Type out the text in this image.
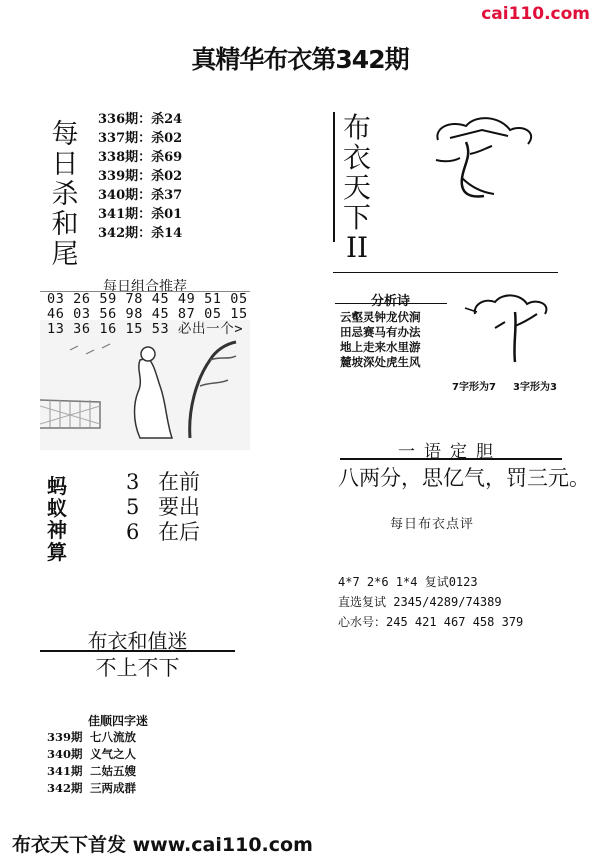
cai110.com
真精华布衣第342期
每日杀和尾
336期：杀24
337期：杀02
338期：杀69
339期：杀02
340期：杀37
341期：杀01
342期：杀14
布衣天下
II
每日组合推荐
03 26 59 78 45 49 51 05
46 03 56 98 45 87 05 15
13 36 16 15 53 必出一个>
分析诗
云壑灵钟龙伏涧
田忌赛马有办法
地上走来水里游
麓坡深处虎生风
7字形为7 3字形为3
蚂蚁神算
3 在前
5 要出
6 在后
一语定胆
八两分，思亿气，罚三元。
每日布衣点评
4*7 2*6 1*4 复试0123
直选复试 2345/4289/74389
心水号：245 421 467 458 379
布衣和值迷
不上不下
佳顺四字迷
339期 七八流放
340期 义气之人
341期 二姑五嫂
342期 三两成群
布衣天下首发 www.cai110.com
